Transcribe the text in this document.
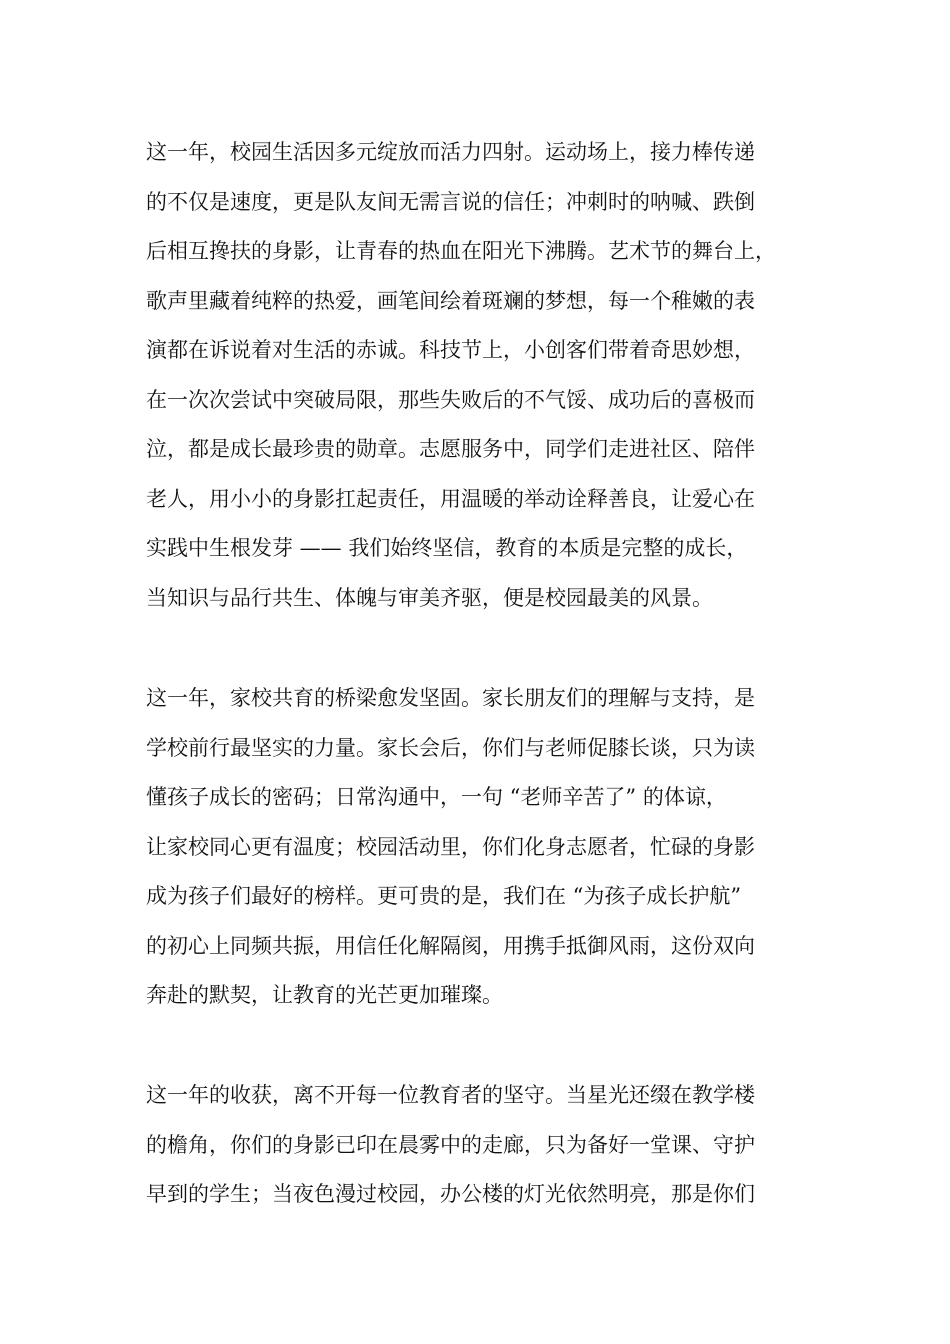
这一年，校园生活因多元绽放而活力四射。运动场上，接力棒传递
的不仅是速度，更是队友间无需言说的信任；冲刺时的呐喊、跌倒
后相互搀扶的身影，让青春的热血在阳光下沸腾。艺术节的舞台上，
歌声里藏着纯粹的热爱，画笔间绘着斑斓的梦想，每一个稚嫩的表
演都在诉说着对生活的赤诚。科技节上，小创客们带着奇思妙想，
在一次次尝试中突破局限，那些失败后的不气馁、成功后的喜极而
泣，都是成长最珍贵的勋章。志愿服务中，同学们走进社区、陪伴
老人，用小小的身影扛起责任，用温暖的举动诠释善良，让爱心在
实践中生根发芽 —— 我们始终坚信，教育的本质是完整的成长，
当知识与品行共生、体魄与审美齐驱，便是校园最美的风景。
这一年，家校共育的桥梁愈发坚固。家长朋友们的理解与支持，是
学校前行最坚实的力量。家长会后，你们与老师促膝长谈，只为读
懂孩子成长的密码；日常沟通中，一句 “老师辛苦了” 的体谅，
让家校同心更有温度；校园活动里，你们化身志愿者，忙碌的身影
成为孩子们最好的榜样。更可贵的是，我们在 “为孩子成长护航”
的初心上同频共振，用信任化解隔阂，用携手抵御风雨，这份双向
奔赴的默契，让教育的光芒更加璀璨。
这一年的收获，离不开每一位教育者的坚守。当星光还缀在教学楼
的檐角，你们的身影已印在晨雾中的走廊，只为备好一堂课、守护
早到的学生；当夜色漫过校园，办公楼的灯光依然明亮，那是你们
